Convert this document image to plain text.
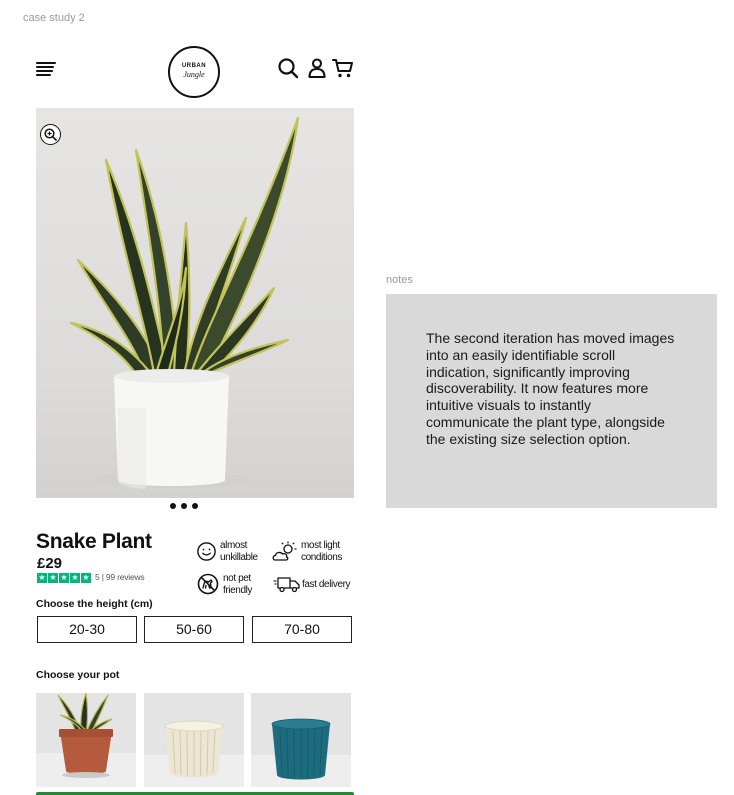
case study 2
notes
URBAN
Jungle
Snake Plant
£29
★ ★ ★ ★ ★ 5 | 99 reviews
almost
unkillable
most light
conditions
not pet
friendly
fast delivery
Choose the height (cm)
20-30	50-60	70-80
Choose your pot
The second iteration has moved images into an easily identifiable scroll indication, significantly improving discoverability. It now features more intuitive visuals to instantly communicate the plant type, alongside the existing size selection option.
